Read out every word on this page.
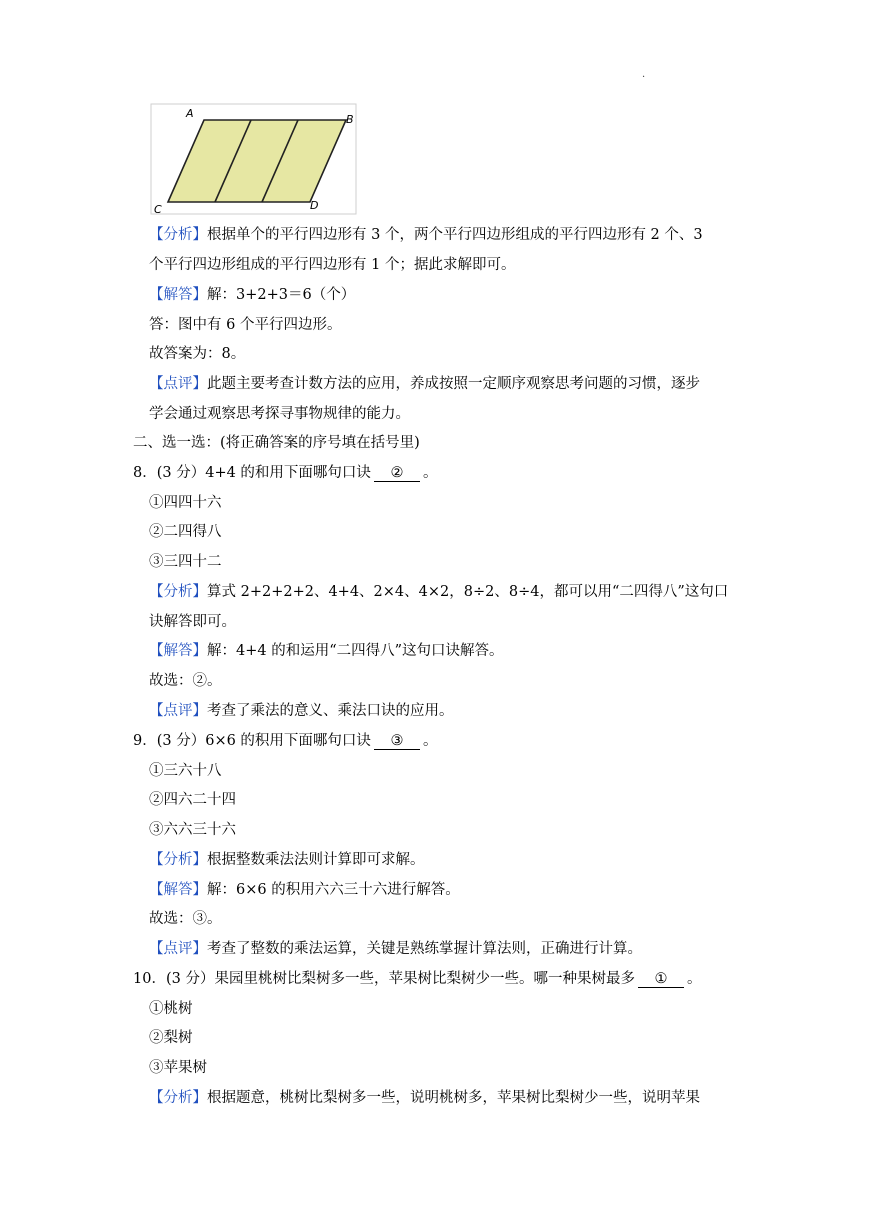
·
A	B
C	D
【分析】根据单个的平行四边形有 3 个，两个平行四边形组成的平行四边形有 2 个、3
个平行四边形组成的平行四边形有 1 个；据此求解即可。
【解答】解：3+2+3＝6（个）
答：图中有 6 个平行四边形。
故答案为：8。
【点评】此题主要考查计数方法的应用，养成按照一定顺序观察思考问题的习惯，逐步
学会通过观察思考探寻事物规律的能力。
二、选一选：(将正确答案的序号填在括号里)
8．(3 分）4+4 的和用下面哪句口诀 ② 。
①四四十六
②二四得八
③三四十二
【分析】算式 2+2+2+2、4+4、2×4、4×2，8÷2、8÷4，都可以用“二四得八”这句口
诀解答即可。
【解答】解：4+4 的和运用“二四得八”这句口诀解答。
故选：②。
【点评】考查了乘法的意义、乘法口诀的应用。
9．(3 分）6×6 的积用下面哪句口诀 ③ 。
①三六十八
②四六二十四
③六六三十六
【分析】根据整数乘法法则计算即可求解。
【解答】解：6×6 的积用六六三十六进行解答。
故选：③。
【点评】考查了整数的乘法运算，关键是熟练掌握计算法则，正确进行计算。
10．(3 分）果园里桃树比梨树多一些，苹果树比梨树少一些。哪一种果树最多 ① 。
①桃树
②梨树
③苹果树
【分析】根据题意，桃树比梨树多一些，说明桃树多，苹果树比梨树少一些，说明苹果
